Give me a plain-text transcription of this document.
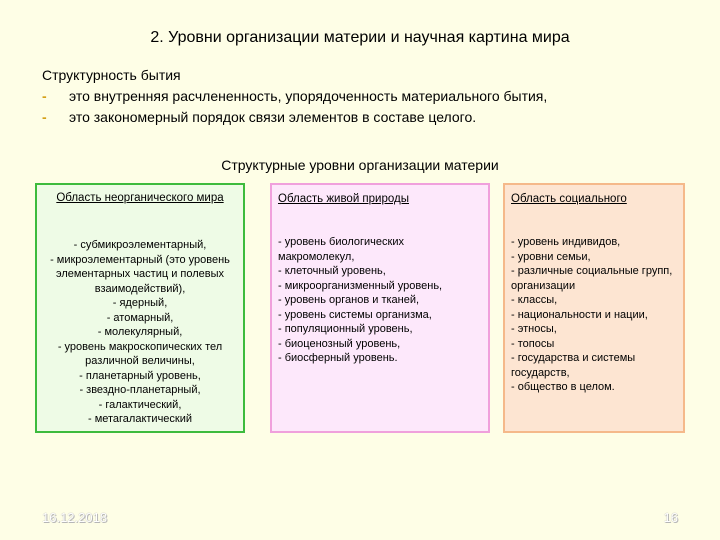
2. Уровни организации материи и научная картина мира
Структурность бытия
- это внутренняя расчлененность, упорядоченность материального бытия,
- это закономерный порядок связи элементов в составе целого.
Структурные уровни организации материи
Область неорганического мира
- субмикроэлементарный,
- микроэлементарный (это уровень элементарных частиц и полевых взаимодействий),
- ядерный,
- атомарный,
- молекулярный,
- уровень макроскопических тел различной величины,
- планетарный уровень,
- звездно-планетарный,
- галактический,
- метагалактический
Область живой природы
- уровень биологических макромолекул,
- клеточный уровень,
- микроорганизменный уровень,
- уровень органов и тканей,
- уровень системы организма,
- популяционный уровень,
- биоценозный уровень,
- биосферный уровень.
Область социального
- уровень индивидов,
- уровни семьи,
- различные социальные групп, организации
- классы,
- национальности и нации,
- этносы,
- топосы
- государства и системы государств,
- общество в целом.
16.12.2018	16
